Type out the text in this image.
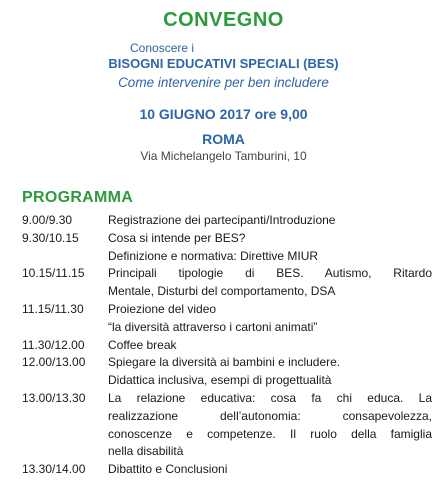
CONVEGNO
Conoscere i
BISOGNI EDUCATIVI SPECIALI (BES)
Come intervenire per ben includere
10 GIUGNO 2017 ore 9,00
ROMA
Via Michelangelo Tamburini, 10
PROGRAMMA
9.00/9.30	Registrazione dei partecipanti/Introduzione
9.30/10.15	Cosa si intende per BES?
Definizione e normativa: Direttive MIUR
10.15/11.15	Principali tipologie di BES. Autismo, Ritardo
Mentale, Disturbi del comportamento, DSA
11.15/11.30	Proiezione del video
“la diversità attraverso i cartoni animati”
11.30/12.00	Coffee break
12.00/13.00	Spiegare la diversità ai bambini e includere.
Didattica inclusiva, esempi di progettualità
13.00/13.30	La relazione educativa: cosa fa chi educa. La
realizzazione dell’autonomia: consapevolezza,
conoscenze e competenze. Il ruolo della famiglia
nella disabilità
13.30/14.00	Dibattito e Conclusioni
